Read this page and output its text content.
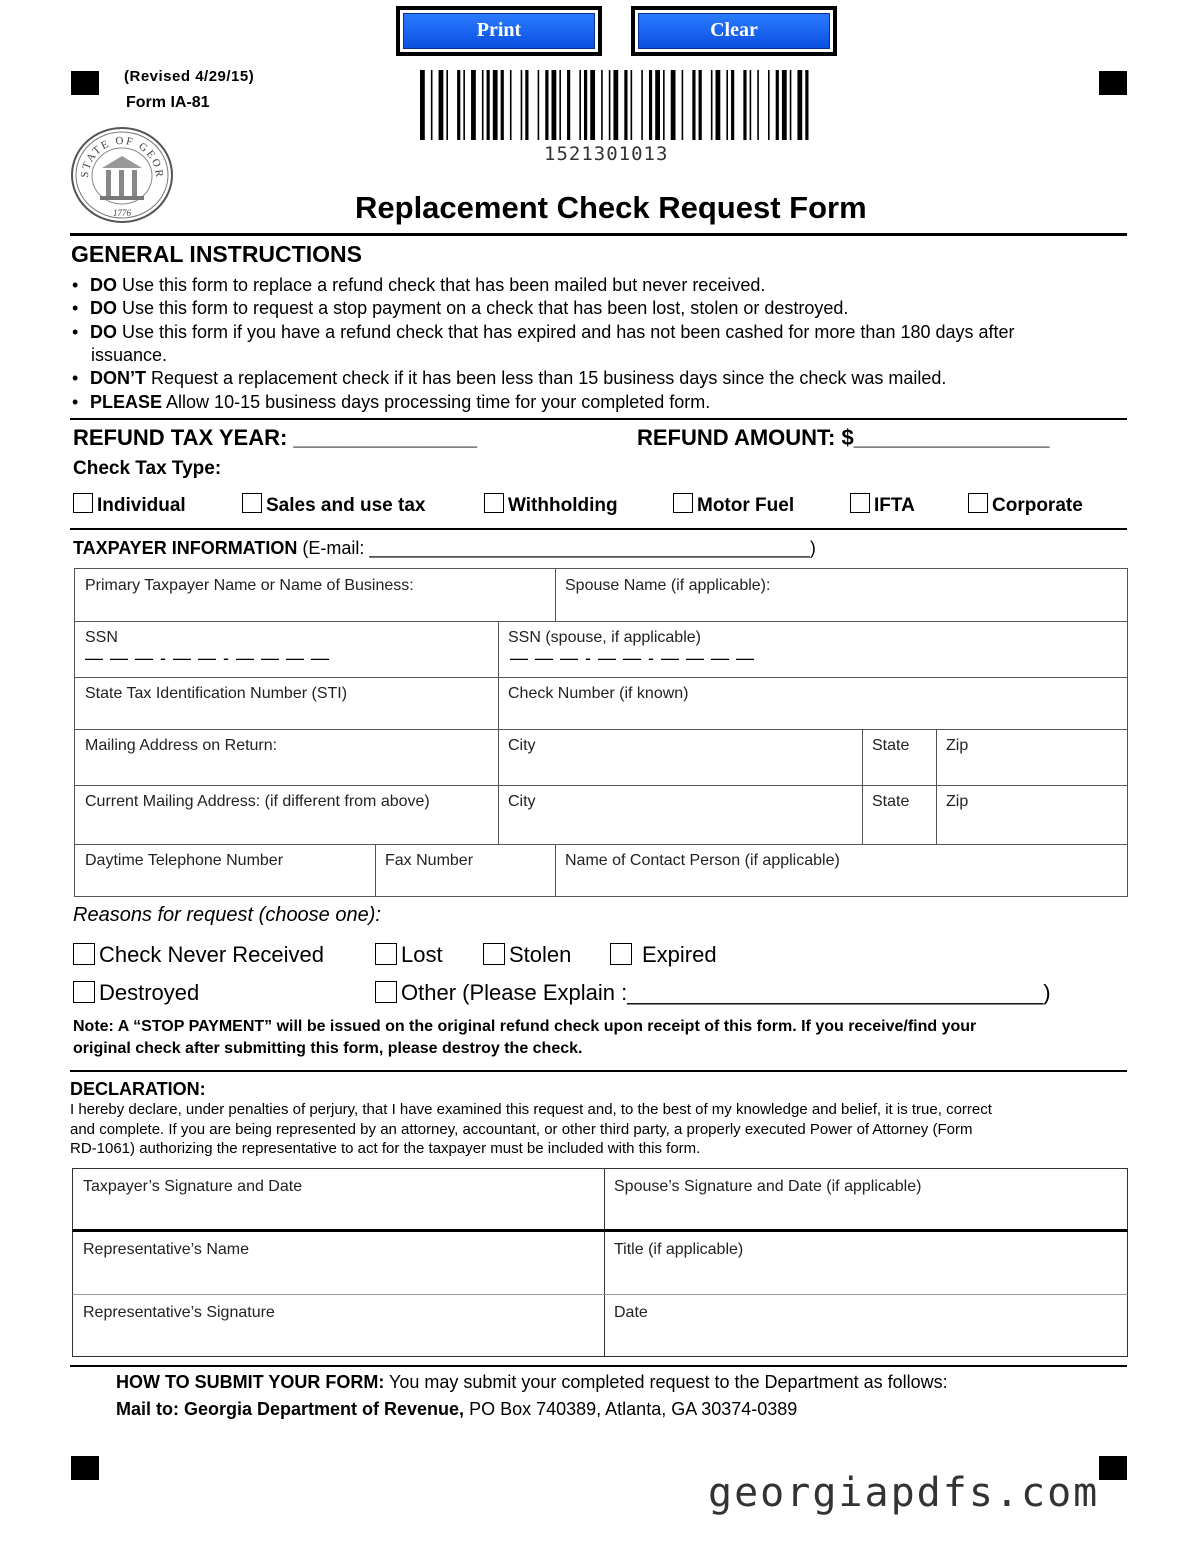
Print	Clear
(Revised 4/29/15)
Form IA-81
STATE OF GEOR
1776
1521301013
Replacement Check Request Form
GENERAL INSTRUCTIONS
• DO Use this form to replace a refund check that has been mailed but never received.
• DO Use this form to request a stop payment on a check that has been lost, stolen or destroyed.
• DO Use this form if you have a refund check that has expired and has not been cashed for more than 180 days after
issuance.
• DON’T Request a replacement check if it has been less than 15 business days since the check was mailed.
• PLEASE Allow 10-15 business days processing time for your completed form.
REFUND TAX YEAR: _______________	REFUND AMOUNT: $________________
Check Tax Type:
Individual	Sales and use tax	Withholding	Motor Fuel	IFTA	Corporate
TAXPAYER INFORMATION (E-mail: ____________________________________________)
Primary Taxpayer Name or Name of Business:	Spouse Name (if applicable):
SSN
— — — - — — - — — — —
SSN (spouse, if applicable)
— — — - — — - — — — —
State Tax Identification Number (STI)	Check Number (if known)
Mailing Address on Return:	City	State	Zip
Current Mailing Address: (if different from above)	City	State	Zip
Daytime Telephone Number	Fax Number	Name of Contact Person (if applicable)
Reasons for request (choose one):
Check Never Received	Lost	Stolen	Expired
Destroyed	Other (Please Explain :__________________________________)
Note: A “STOP PAYMENT” will be issued on the original refund check upon receipt of this form. If you receive/find your
original check after submitting this form, please destroy the check.
DECLARATION:
I hereby declare, under penalties of perjury, that I have examined this request and, to the best of my knowledge and belief, it is true, correct
and complete. If you are being represented by an attorney, accountant, or other third party, a properly executed Power of Attorney (Form
RD-1061) authorizing the representative to act for the taxpayer must be included with this form.
Taxpayer’s Signature and Date	Spouse’s Signature and Date (if applicable)
Representative’s Name	Title (if applicable)
Representative’s Signature	Date
HOW TO SUBMIT YOUR FORM: You may submit your completed request to the Department as follows:
Mail to: Georgia Department of Revenue, PO Box 740389, Atlanta, GA 30374-0389
georgiapdfs.com
